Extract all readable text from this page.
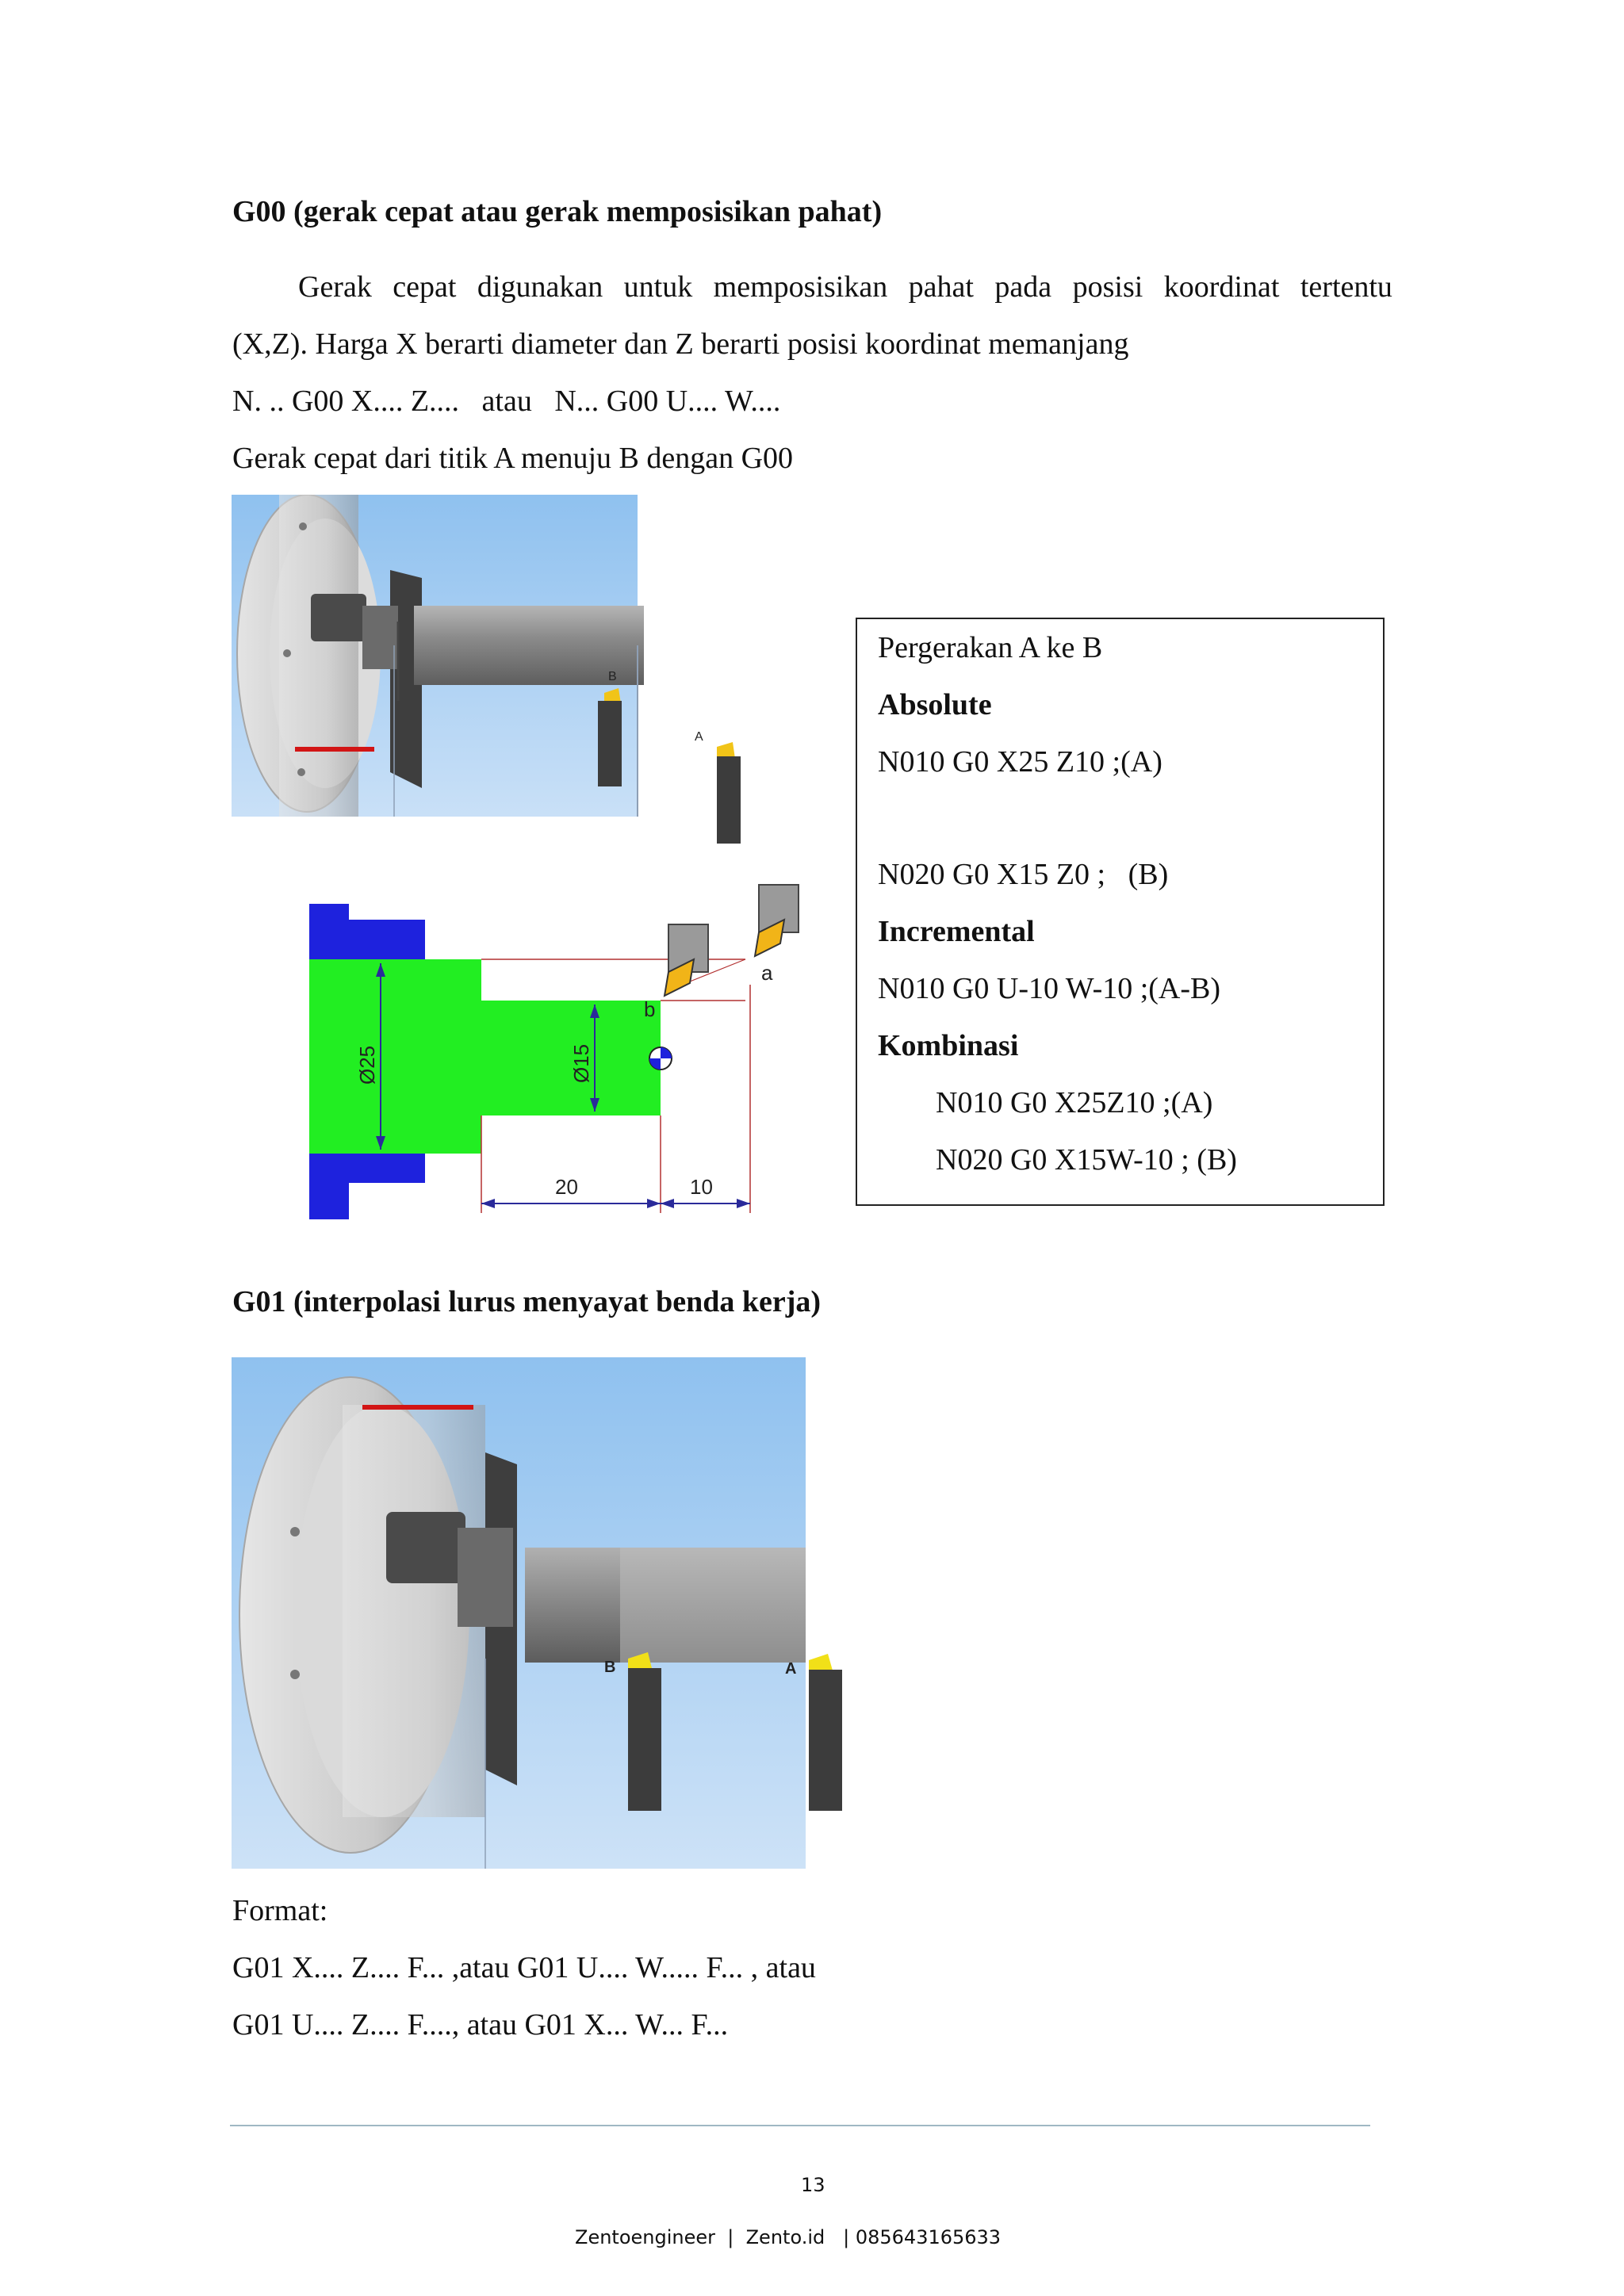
G00 (gerak cepat atau gerak memposisikan pahat)
Gerak cepat digunakan untuk memposisikan pahat pada posisi koordinat tertentu
(X,Z). Harga X berarti diameter dan Z berarti posisi koordinat memanjang
N. .. G00 X.... Z....   atau   N... G00 U.... W....
Gerak cepat dari titik A menuju B dengan G00
B
A
Ø25	Ø15
20	10
b
a
Pergerakan A ke B
Absolute
N010 G0 X25 Z10 ;(A)
N020 G0 X15 Z0 ;   (B)
Incremental
N010 G0 U-10 W-10 ;(A-B)
Kombinasi
N010 G0 X25Z10 ;(A)
N020 G0 X15W-10 ; (B)
G01 (interpolasi lurus menyayat benda kerja)
B	A
Format:
G01 X.... Z.... F... ,atau G01 U.... W..... F... , atau
G01 U.... Z.... F...., atau G01 X... W... F...
13
Zentoengineer  |  Zento.id   | 085643165633
